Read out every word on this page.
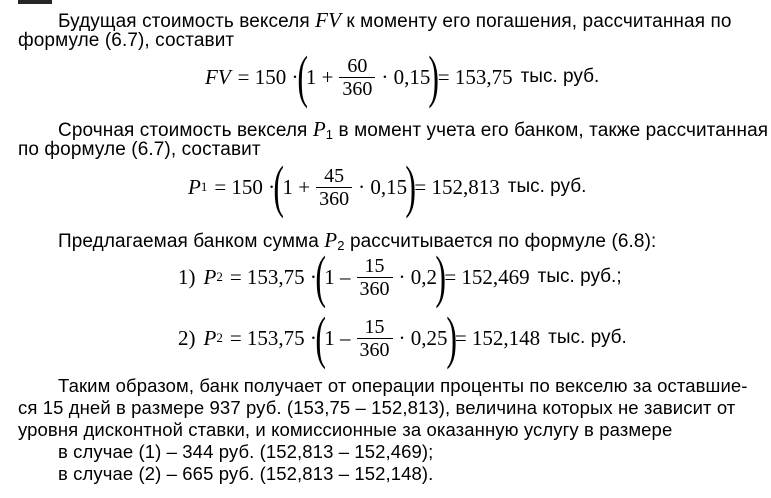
Будущая стоимость векселя FV к моменту его погашения, рассчитанная по
формуле (6.7), составит
FV = 150 ·
(
$1 + \frac{60}{360} \cdot 0,15$
)
= 153,75 тыс. руб.
Срочная стоимость векселя $P_1$ в момент учета его банком, также рассчитанная
по формуле (6.7), составит
P 1 = 150 ·
(
$1 + \frac{45}{360} \cdot 0,15$
)
= 152,813 тыс. руб.
Предлагаемая банком сумма $P_2$ рассчитывается по формуле (6.8):
1) P 2 = 153,75 ·
(
$1 - \frac{15}{360} \cdot 0,2$
)
= 152,469 тыс. руб.;
2) P 2 = 153,75 ·
(
$1 - \frac{15}{360} \cdot 0,25$
)
= 152,148 тыс. руб.
Таким образом, банк получает от операции проценты по векселю за оставшие-
ся 15 дней в размере 937 руб. (153,75 – 152,813), величина которых не зависит от
уровня дисконтной ставки, и комиссионные за оказанную услугу в размере
в случае (1) – 344 руб. (152,813 – 152,469);
в случае (2) – 665 руб. (152,813 – 152,148).
